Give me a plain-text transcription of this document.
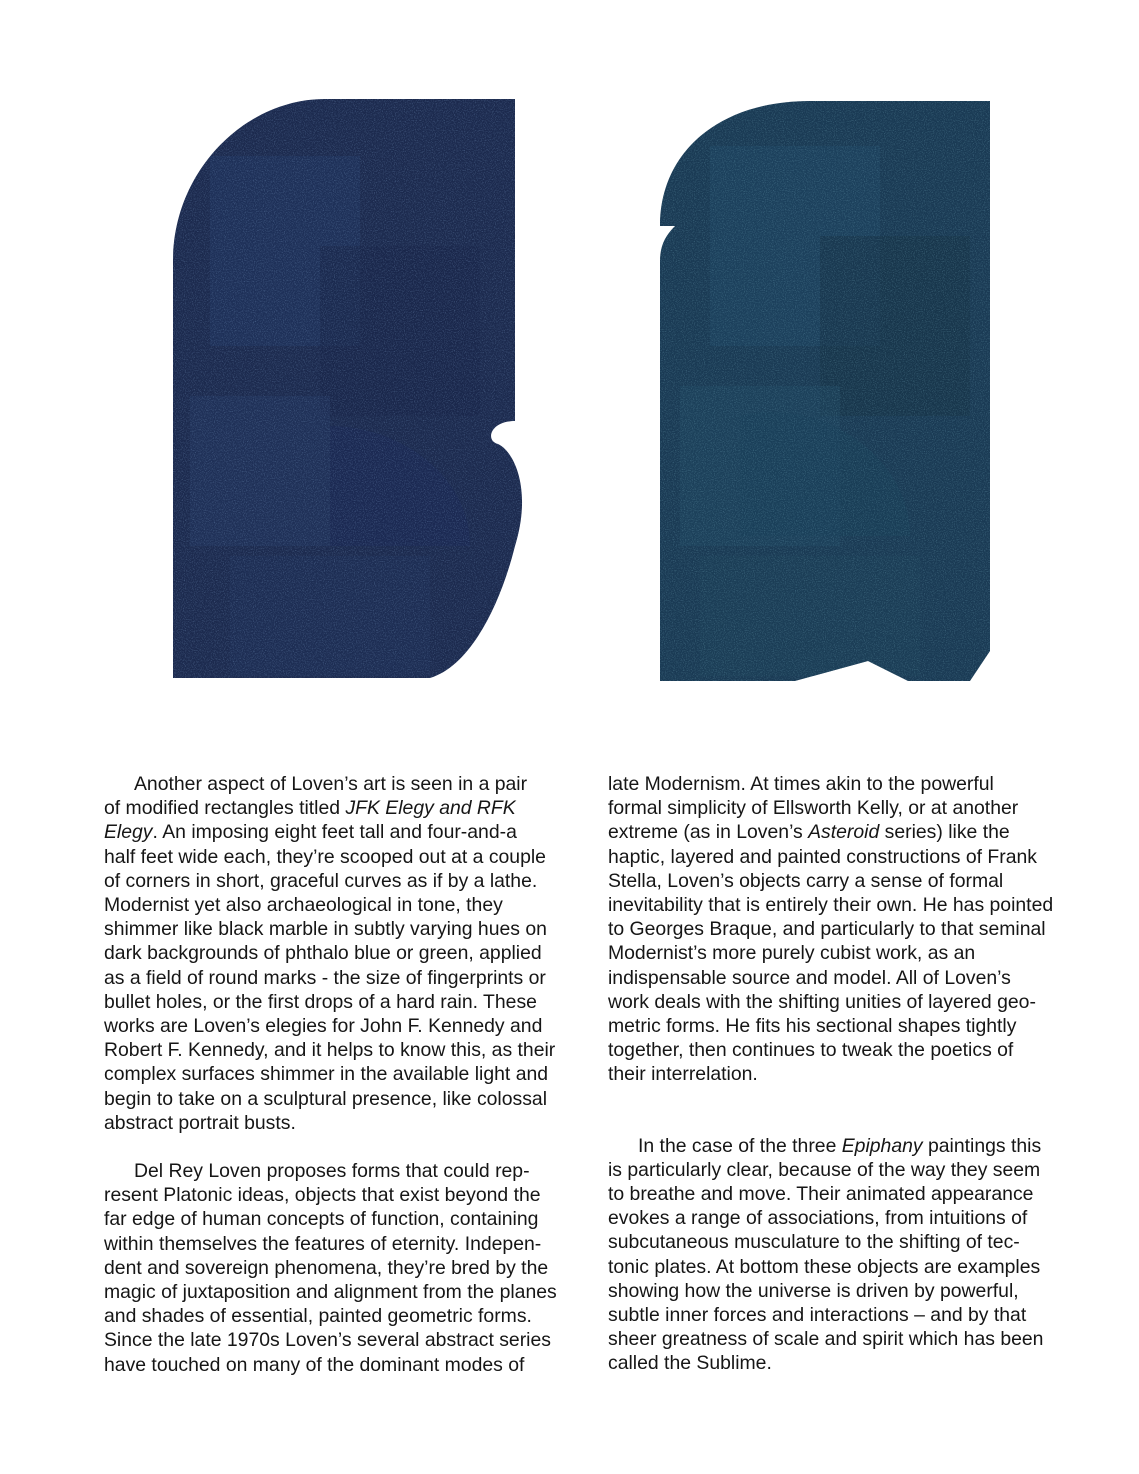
Another aspect of Loven’s art is seen in a pair
of modified rectangles titled JFK Elegy and RFK
Elegy. An imposing eight feet tall and four-and-a
half feet wide each, they’re scooped out at a couple
of corners in short, graceful curves as if by a lathe.
Modernist yet also archaeological in tone, they
shimmer like black marble in subtly varying hues on
dark backgrounds of phthalo blue or green, applied
as a field of round marks - the size of fingerprints or
bullet holes, or the first drops of a hard rain. These
works are Loven’s elegies for John F. Kennedy and
Robert F. Kennedy, and it helps to know this, as their
complex surfaces shimmer in the available light and
begin to take on a sculptural presence, like colossal
abstract portrait busts.

Del Rey Loven proposes forms that could rep-
resent Platonic ideas, objects that exist beyond the
far edge of human concepts of function, containing
within themselves the features of eternity. Indepen-
dent and sovereign phenomena, they’re bred by the
magic of juxtaposition and alignment from the planes
and shades of essential, painted geometric forms.
Since the late 1970s Loven’s several abstract series
have touched on many of the dominant modes of

late Modernism. At times akin to the powerful
formal simplicity of Ellsworth Kelly, or at another
extreme (as in Loven’s Asteroid series) like the
haptic, layered and painted constructions of Frank
Stella, Loven’s objects carry a sense of formal
inevitability that is entirely their own. He has pointed
to Georges Braque, and particularly to that seminal
Modernist’s more purely cubist work, as an
indispensable source and model. All of Loven’s
work deals with the shifting unities of layered geo-
metric forms. He fits his sectional shapes tightly
together, then continues to tweak the poetics of
their interrelation.

In the case of the three Epiphany paintings this
is particularly clear, because of the way they seem
to breathe and move. Their animated appearance
evokes a range of associations, from intuitions of
subcutaneous musculature to the shifting of tec-
tonic plates. At bottom these objects are examples
showing how the universe is driven by powerful,
subtle inner forces and interactions – and by that
sheer greatness of scale and spirit which has been
called the Sublime.
